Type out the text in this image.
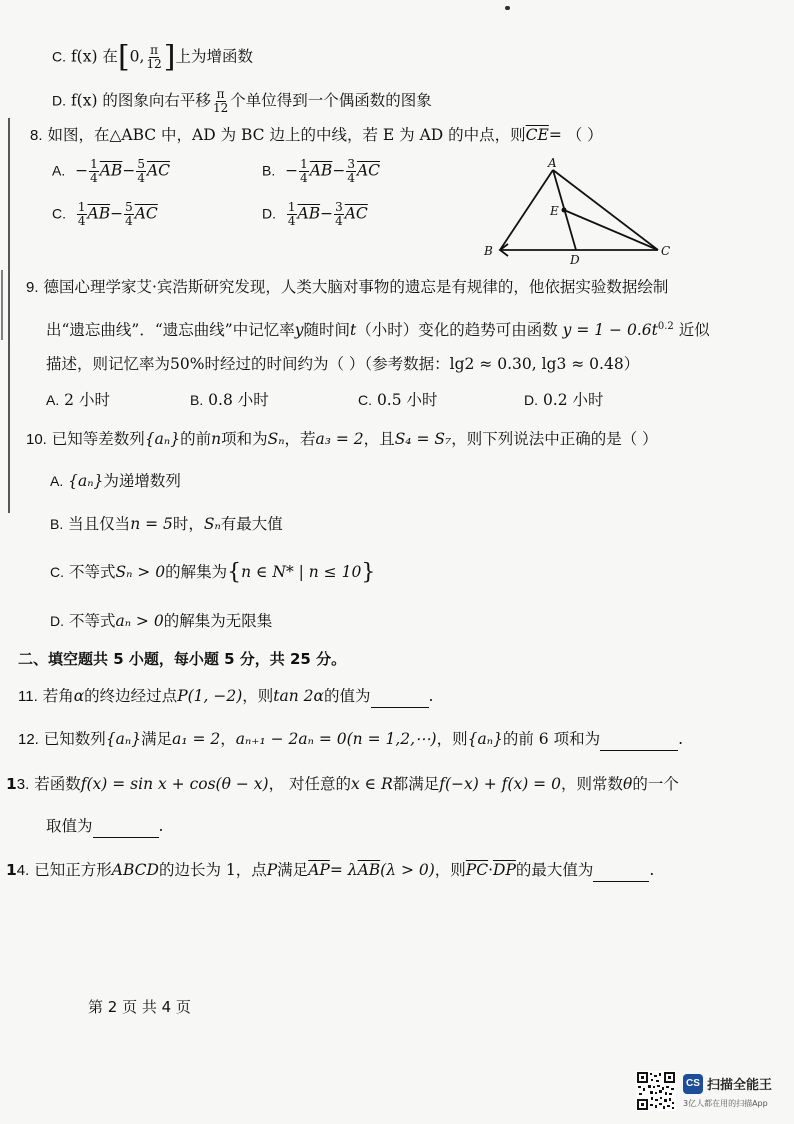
C. f(x) 在[0, $\frac{\pi}{12}$ ]上为增函数
D. f(x) 的图象向右平移 $\frac{\pi}{12}$ 个单位得到一个偶函数的图象
8. 如图，在△ABC 中，AD 为 BC 边上的中线，若 E 为 AD 的中点，则$\overline{CE}=$ （ ）
A. − $\frac{1}{4} \overline{AB}- \frac{5}{4} \overline{AC}$	B. − $\frac{1}{4} \overline{AB}- \frac{3}{4} \overline{AC}$
C. $\frac{1}{4} \overline{AB}- \frac{5}{4} \overline{AC}$	D. $\frac{1}{4} \overline{AB}- \frac{3}{4} \overline{AC}$
A
B	C
D
E
9. 德国心理学家艾·宾浩斯研究发现，人类大脑对事物的遗忘是有规律的，他依据实验数据绘制
出“遗忘曲线”．“遗忘曲线”中记忆率y随时间t（小时）变化的趋势可由函数 $y = 1 - 0.6t^{0.2}$ 近似
描述，则记忆率为50%时经过的时间约为（ ）（参考数据：lg2 ≈ 0.30, lg3 ≈ 0.48）
A. 2 小时	B. 0.8 小时	C. 0.5 小时	D. 0.2 小时
10. 已知等差数列{aₙ}的前n项和为Sₙ，若a₃ = 2，且S₄ = S₇，则下列说法中正确的是（ ）
A. {aₙ}为递增数列
B. 当且仅当n = 5时，Sₙ有最大值
C. 不等式Sₙ > 0的解集为{n ∈ N* | n ≤ 10}
D. 不等式aₙ > 0的解集为无限集
二、填空题共 5 小题，每小题 5 分，共 25 分。
11. 若角α的终边经过点P(1, −2)，则tan 2α的值为	.
12. 已知数列{aₙ}满足a₁ = 2，aₙ₊₁ − 2aₙ = 0(n = 1,2,⋯)，则{aₙ}的前 6 项和为	.
13. 若函数f(x) = sin x + cos(θ − x)， 对任意的x ∈ R都满足f(−x) + f(x) = 0，则常数θ的一个
取值为	.
14. 已知正方形ABCD的边长为 1，点P满足$\overline{AP}= \lambda\overline{AB}(\lambda > 0)$，则$\overline{PC}\cdot\overline{DP}$的最大值为	.
第 2 页 共 4 页
CS 扫描全能王
3亿人都在用的扫描App
